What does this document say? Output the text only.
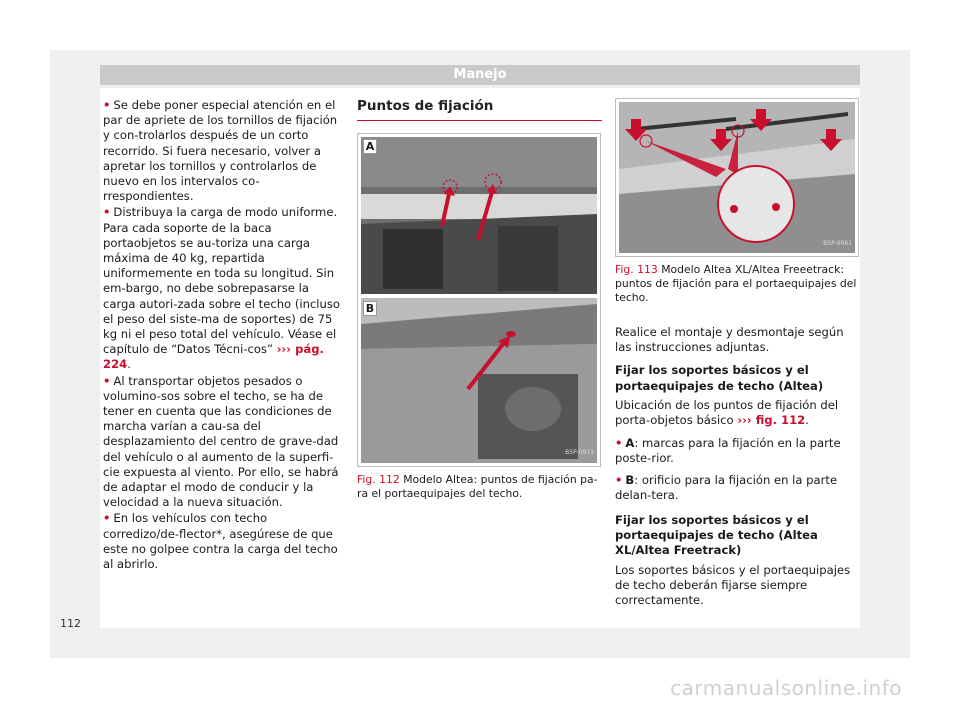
Manejo

• Se debe poner especial atención en el par de apriete de los tornillos de fijación y con-trolarlos después de un corto recorrido. Si fuera necesario, volver a apretar los tornillos y controlarlos de nuevo en los intervalos co-rrespondientes.

• Distribuya la carga de modo uniforme. Para cada soporte de la baca portaobjetos se au-toriza una carga máxima de 40 kg, repartida uniformemente en toda su longitud. Sin em-bargo, no debe sobrepasarse la carga autori-zada sobre el techo (incluso el peso del siste-ma de soportes) de 75 kg ni el peso total del vehículo. Véase el capítulo de “Datos Técni-cos” ››› pág. 224.

• Al transportar objetos pesados o volumino-sos sobre el techo, se ha de tener en cuenta que las condiciones de marcha varían a cau-sa del desplazamiento del centro de grave-dad del vehículo o al aumento de la superfi-cie expuesta al viento. Por ello, se habrá de adaptar el modo de conducir y la velocidad a la nueva situación.

• En los vehículos con techo corredizo/de-flector*, asegúrese de que este no golpee contra la carga del techo al abrirlo.

Puntos de fijación
A
B
B5P-0973
Fig. 112 Modelo Altea: puntos de fijación pa-ra el portaequipajes del techo.
B5P-0961
Fig. 113 Modelo Altea XL/Altea Freeetrack: puntos de fijación para el portaequipajes del techo.

Realice el montaje y desmontaje según las instrucciones adjuntas.

Fijar los soportes básicos y el portaequipajes de techo (Altea)

Ubicación de los puntos de fijación del porta-objetos básico ››› fig. 112.

• A: marcas para la fijación en la parte poste-rior.

• B: orificio para la fijación en la parte delan-tera.

Fijar los soportes básicos y el portaequipajes de techo (Altea XL/Altea Freetrack)

Los soportes básicos y el portaequipajes de techo deberán fijarse siempre correctamente.

112
carmanualsonline.info
